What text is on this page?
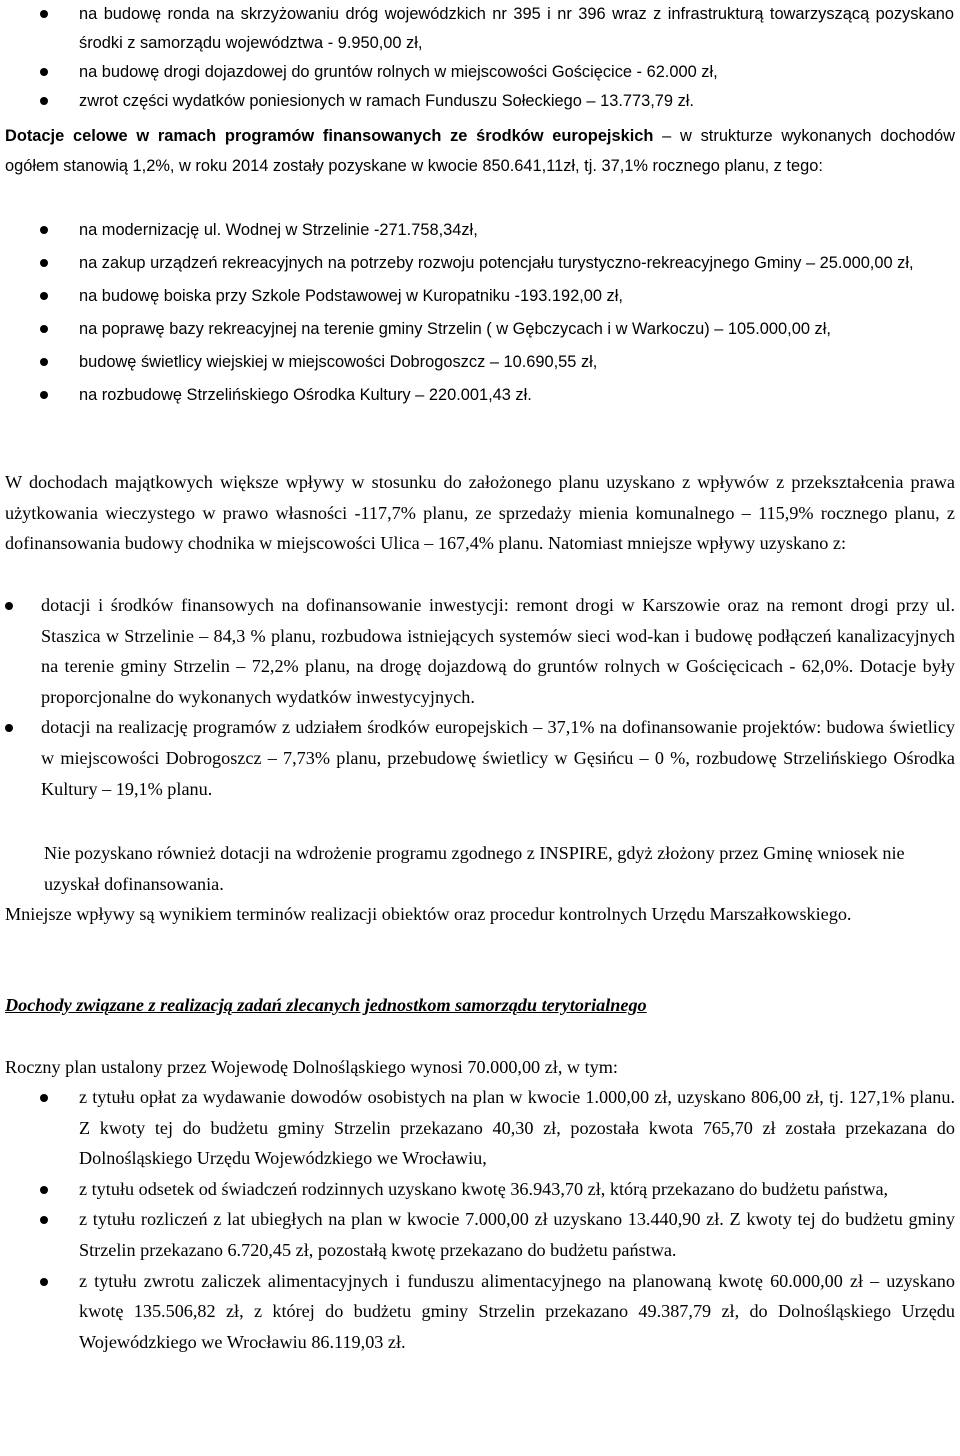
na budowę ronda na skrzyżowaniu dróg wojewódzkich nr 395 i nr 396 wraz z infrastrukturą towarzyszącą pozyskano środki z samorządu województwa - 9.950,00 zł,
na budowę drogi dojazdowej do gruntów rolnych w miejscowości Gościęcice - 62.000 zł,
zwrot części wydatków poniesionych w ramach Funduszu Sołeckiego – 13.773,79 zł.

Dotacje celowe w ramach programów finansowanych ze środków europejskich – w strukturze wykonanych dochodów ogółem stanowią 1,2%, w roku 2014 zostały pozyskane w kwocie 850.641,11zł, tj. 37,1% rocznego planu, z tego:

na modernizację ul. Wodnej w Strzelinie -271.758,34zł,
na zakup urządzeń rekreacyjnych na potrzeby rozwoju potencjału turystyczno-rekreacyjnego Gminy – 25.000,00 zł,
na budowę boiska przy Szkole Podstawowej w Kuropatniku -193.192,00 zł,
na poprawę bazy rekreacyjnej na terenie gminy Strzelin ( w Gębczycach i w Warkoczu) – 105.000,00 zł,
budowę świetlicy wiejskiej w miejscowości Dobrogoszcz – 10.690,55 zł,
na rozbudowę Strzelińskiego Ośrodka Kultury – 220.001,43 zł.

W dochodach majątkowych większe wpływy w stosunku do założonego planu uzyskano z wpływów z przekształcenia prawa użytkowania wieczystego w prawo własności -117,7% planu, ze sprzedaży mienia komunalnego – 115,9% rocznego planu, z dofinansowania budowy chodnika w miejscowości Ulica – 167,4% planu. Natomiast mniejsze wpływy uzyskano z:

dotacji i środków finansowych na dofinansowanie inwestycji: remont drogi w Karszowie oraz na remont drogi przy ul. Staszica w Strzelinie – 84,3 % planu, rozbudowa istniejących systemów sieci wod-kan i budowę podłączeń kanalizacyjnych na terenie gminy Strzelin – 72,2% planu, na drogę dojazdową do gruntów rolnych w Gościęcicach - 62,0%. Dotacje były proporcjonalne do wykonanych wydatków inwestycyjnych.
dotacji na realizację programów z udziałem środków europejskich – 37,1% na dofinansowanie projektów: budowa świetlicy w miejscowości Dobrogoszcz – 7,73% planu, przebudowę świetlicy w Gęsińcu – 0 %, rozbudowę Strzelińskiego Ośrodka Kultury – 19,1% planu.

Nie pozyskano również dotacji na wdrożenie programu zgodnego z INSPIRE, gdyż złożony przez Gminę wniosek nie uzyskał dofinansowania.

Mniejsze wpływy są wynikiem terminów realizacji obiektów oraz procedur kontrolnych Urzędu Marszałkowskiego.

Dochody związane z realizacją zadań zlecanych jednostkom samorządu terytorialnego

Roczny plan ustalony przez Wojewodę Dolnośląskiego wynosi 70.000,00 zł, w tym:

z tytułu opłat za wydawanie dowodów osobistych na plan w kwocie 1.000,00 zł, uzyskano 806,00 zł, tj. 127,1% planu. Z kwoty tej do budżetu gminy Strzelin przekazano 40,30 zł, pozostała kwota 765,70 zł została przekazana do Dolnośląskiego Urzędu Wojewódzkiego we Wrocławiu,
z tytułu odsetek od świadczeń rodzinnych uzyskano kwotę 36.943,70 zł, którą przekazano do budżetu państwa,
z tytułu rozliczeń z lat ubiegłych na plan w kwocie 7.000,00 zł uzyskano 13.440,90 zł. Z kwoty tej do budżetu gminy Strzelin przekazano 6.720,45 zł, pozostałą kwotę przekazano do budżetu państwa.
z tytułu zwrotu zaliczek alimentacyjnych i funduszu alimentacyjnego na planowaną kwotę 60.000,00 zł – uzyskano kwotę 135.506,82 zł, z której do budżetu gminy Strzelin przekazano 49.387,79 zł, do Dolnośląskiego Urzędu Wojewódzkiego we Wrocławiu 86.119,03 zł.
